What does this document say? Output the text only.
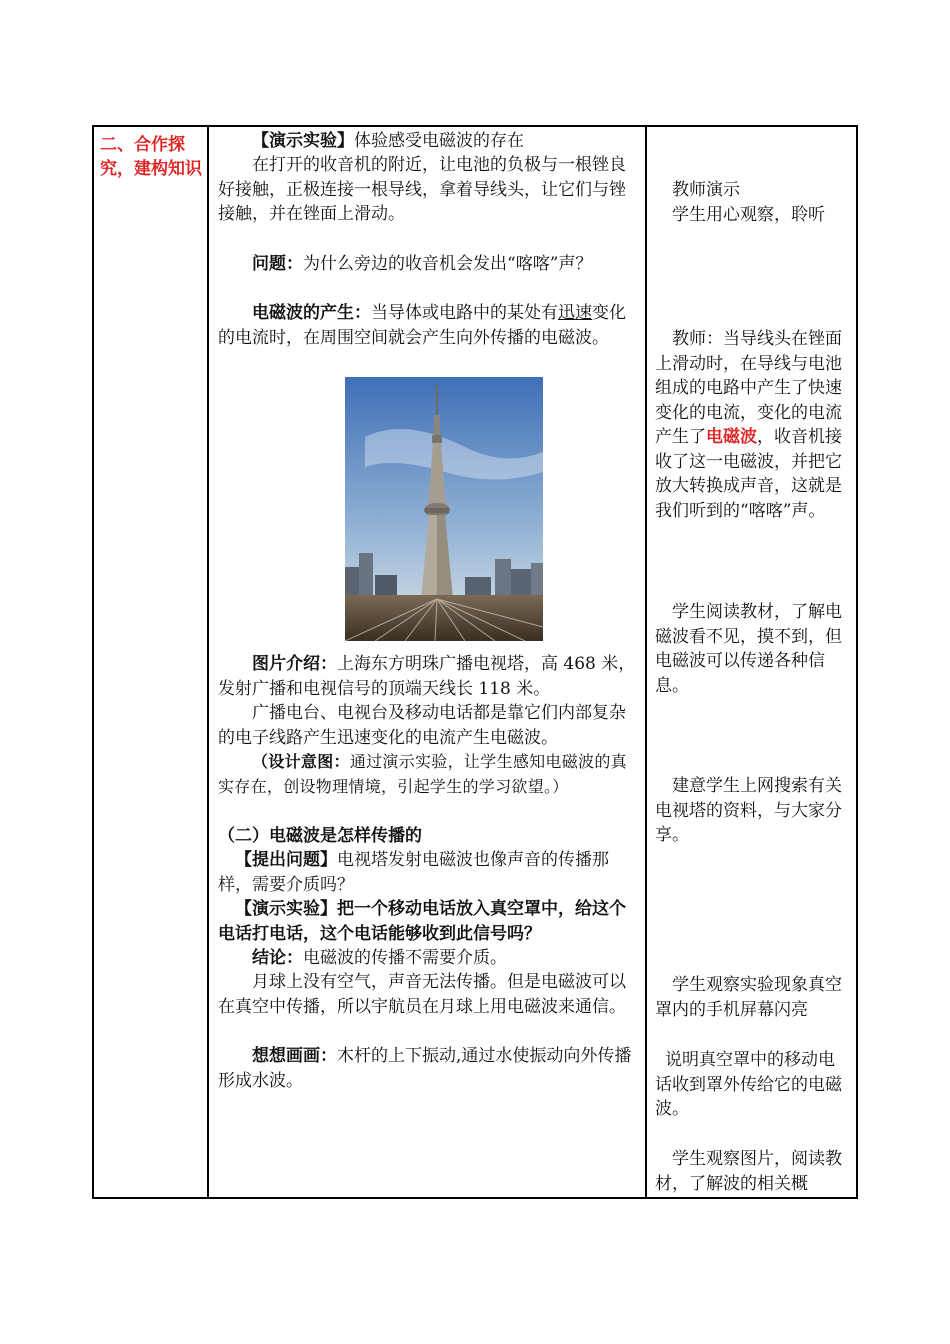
二、合作探究，建构知识
【演示实验】体验感受电磁波的存在
在打开的收音机的附近，让电池的负极与一根锉良好接触，正极连接一根导线，拿着导线头，让它们与锉接触，并在锉面上滑动。
问题：为什么旁边的收音机会发出“喀喀”声？
电磁波的产生：当导体或电路中的某处有迅速变化的电流时，在周围空间就会产生向外传播的电磁波。
图片介绍：上海东方明珠广播电视塔，高 468 米，发射广播和电视信号的顶端天线长 118 米。
广播电台、电视台及移动电话都是靠它们内部复杂的电子线路产生迅速变化的电流产生电磁波。
（设计意图：通过演示实验，让学生感知电磁波的真实存在，创设物理情境，引起学生的学习欲望。）
（二）电磁波是怎样传播的
【提出问题】电视塔发射电磁波也像声音的传播那样，需要介质吗？
【演示实验】把一个移动电话放入真空罩中，给这个电话打电话，这个电话能够收到此信号吗？
结论：电磁波的传播不需要介质。
月球上没有空气，声音无法传播。但是电磁波可以在真空中传播，所以宇航员在月球上用电磁波来通信。
想想画画：木杆的上下振动,通过水使振动向外传播形成水波。
教师演示
学生用心观察，聆听
教师：当导线头在锉面上滑动时，在导线与电池组成的电路中产生了快速变化的电流，变化的电流产生了电磁波，收音机接收了这一电磁波，并把它放大转换成声音，这就是我们听到的“喀喀”声。
学生阅读教材，了解电磁波看不见，摸不到，但电磁波可以传递各种信息。
建意学生上网搜索有关电视塔的资料，与大家分享。
学生观察实验现象真空罩内的手机屏幕闪亮
说明真空罩中的移动电话收到罩外传给它的电磁波。
学生观察图片，阅读教材，了解波的相关概
